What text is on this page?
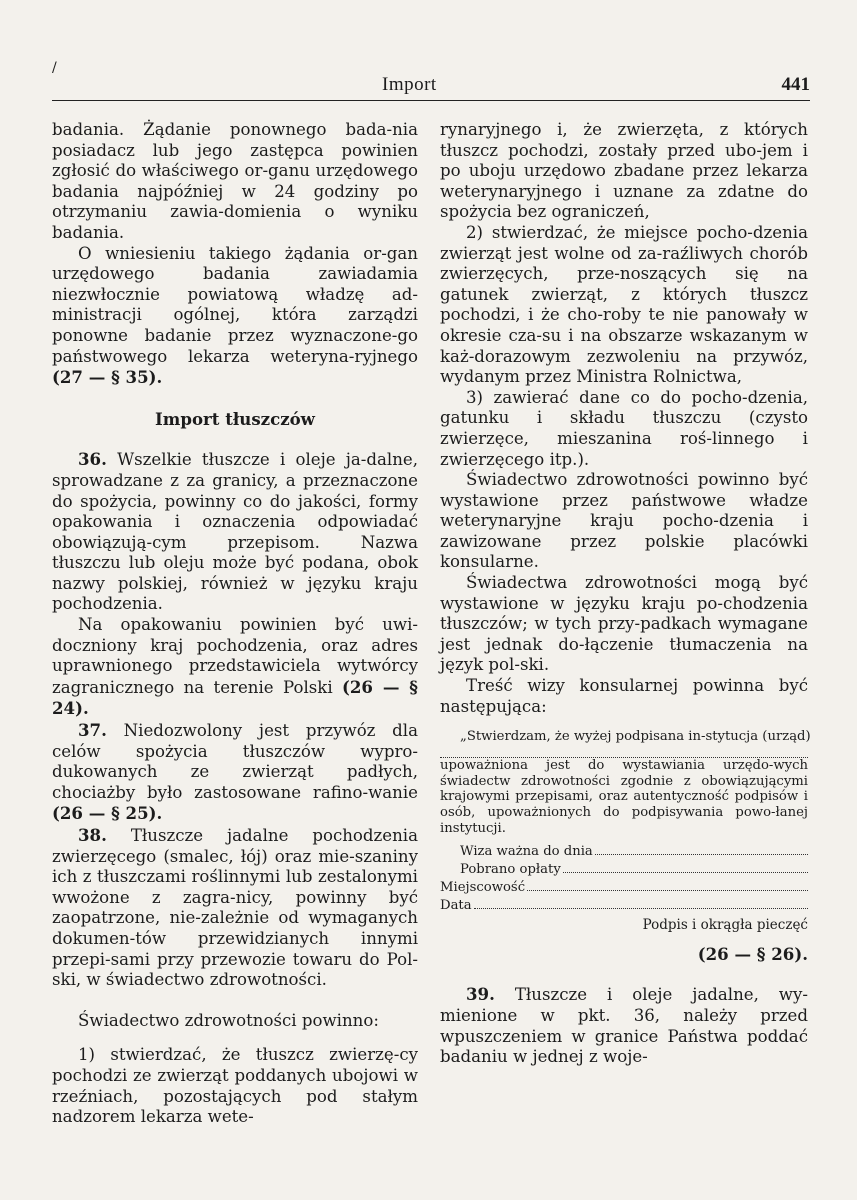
/
Import	441

badania. Żądanie ponownego bada-nia posiadacz lub jego zastępca powinien zgłosić do właściwego or-ganu urzędowego badania najpóźniej w 24 godziny po otrzymaniu zawia-domienia o wyniku badania.

O wniesieniu takiego żądania or-gan urzędowego badania zawiadamia niezwłocznie powiatową władzę ad-ministracji ogólnej, która zarządzi ponowne badanie przez wyznaczone-go państwowego lekarza weteryna-ryjnego (27 — § 35).

Import tłuszczów

36. Wszelkie tłuszcze i oleje ja-dalne, sprowadzane z za granicy, a przeznaczone do spożycia, powinny co do jakości, formy opakowania i oznaczenia odpowiadać obowiązują-cym przepisom. Nazwa tłuszczu lub oleju może być podana, obok nazwy polskiej, również w języku kraju pochodzenia.

Na opakowaniu powinien być uwi-doczniony kraj pochodzenia, oraz adres uprawnionego przedstawiciela wytwórcy zagranicznego na terenie Polski (26 — § 24).

37. Niedozwolony jest przywóz dla celów spożycia tłuszczów wypro-dukowanych ze zwierząt padłych, chociażby było zastosowane rafino-wanie (26 — § 25).

38. Tłuszcze jadalne pochodzenia zwierzęcego (smalec, łój) oraz mie-szaniny ich z tłuszczami roślinnymi lub zestalonymi wwożone z zagra-nicy, powinny być zaopatrzone, nie-zależnie od wymaganych dokumen-tów przewidzianych innymi przepi-sami przy przewozie towaru do Pol-ski, w świadectwo zdrowotności.

Świadectwo zdrowotności powinno:

1) stwierdzać, że tłuszcz zwierzę-cy pochodzi ze zwierząt poddanych ubojowi w rzeźniach, pozostających pod stałym nadzorem lekarza wete-

rynaryjnego i, że zwierzęta, z których tłuszcz pochodzi, zostały przed ubo-jem i po uboju urzędowo zbadane przez lekarza weterynaryjnego i uznane za zdatne do spożycia bez ograniczeń,

2) stwierdzać, że miejsce pocho-dzenia zwierząt jest wolne od za-raźliwych chorób zwierzęcych, prze-noszących się na gatunek zwierząt, z których tłuszcz pochodzi, i że cho-roby te nie panowały w okresie cza-su i na obszarze wskazanym w każ-dorazowym zezwoleniu na przywóz, wydanym przez Ministra Rolnictwa,

3) zawierać dane co do pocho-dzenia, gatunku i składu tłuszczu (czysto zwierzęce, mieszanina roś-linnego i zwierzęcego itp.).

Świadectwo zdrowotności powinno być wystawione przez państwowe władze weterynaryjne kraju pocho-dzenia i zawizowane przez polskie placówki konsularne.

Świadectwa zdrowotności mogą być wystawione w języku kraju po-chodzenia tłuszczów; w tych przy-padkach wymagane jest jednak do-łączenie tłumaczenia na język pol-ski.

Treść wizy konsularnej powinna być następująca:

„Stwierdzam, że wyżej podpisana in-stytucja (urząd)

upoważniona jest do wystawiania urzędo-wych świadectw zdrowotności zgodnie z obowiązującymi krajowymi przepisami, oraz autentyczność podpisów i osób, upoważnionych do podpisywania powo-łanej instytucji.

Wiza ważna do dnia
Pobrano opłaty
Miejscowość
Data
Podpis i okrągła pieczęć
(26 — § 26).

39. Tłuszcze i oleje jadalne, wy-mienione w pkt. 36, należy przed wpuszczeniem w granice Państwa poddać badaniu w jednej z woje-
